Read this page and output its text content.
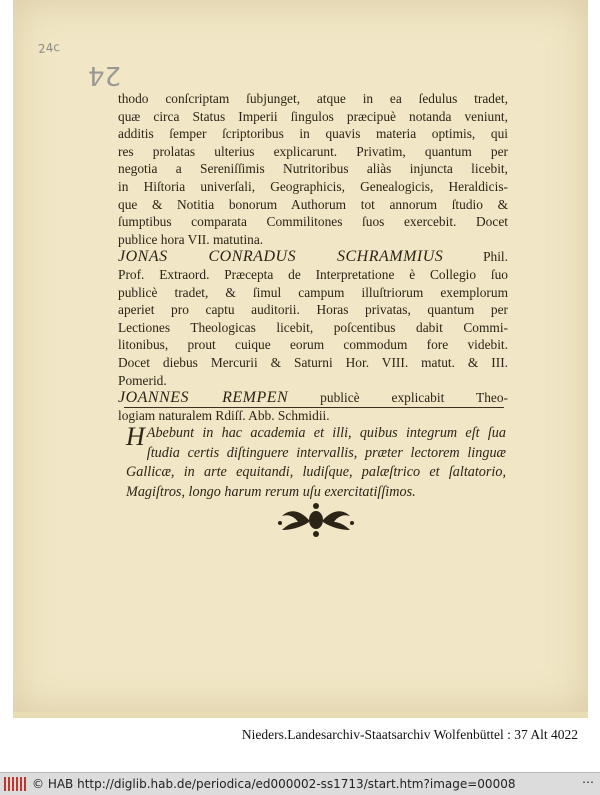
24c
24
thodo conſcriptam ſubjunget, atque in ea ſedulus tradet,
quæ circa Status Imperii ſingulos præcipuè notanda veniunt,
additis ſemper ſcriptoribus in quavis materia optimis, qui
res prolatas ulterius explicarunt. Privatim, quantum per
negotia a Sereniſſimis Nutritoribus aliàs injuncta licebit,
in Hiſtoria univerſali, Geographicis, Genealogicis, Heraldicis-
que & Notitia bonorum Authorum tot annorum ſtudio &
ſumptibus comparata Commilitones ſuos exercebit. Docet
publice hora VII. matutina.
JONAS CONRADUS SCHRAMMIUS	Phil.
Prof. Extraord. Præcepta de Interpretatione è Collegio ſuo
publicè tradet, & ſimul campum illuſtriorum exemplorum
aperiet pro captu auditorii. Horas privatas, quantum per
Lectiones Theologicas licebit, poſcentibus dabit Commi-
litonibus, prout cuique eorum commodum fore videbit.
Docet diebus Mercurii & Saturni Hor. VIII. matut. & III.
Pomerid.
JOANNES REMPEN publicè explicabit Theo-
logiam naturalem Rdiſſ. Abb. Schmidii.
H Abebunt in hac academia et illi, quibus integrum eſt ſua
ſtudia certis diſtinguere intervallis, præter lectorem linguæ
Gallicæ, in arte equitandi, ludiſque, palæſtrico et ſaltatorio,
Magiſtros, longo harum rerum uſu exercitatiſſimos.
Nieders.Landesarchiv-Staatsarchiv Wolfenbüttel : 37 Alt 4022
© HAB http://diglib.hab.de/periodica/ed000002-ss1713/start.htm?image=00008	⋯
